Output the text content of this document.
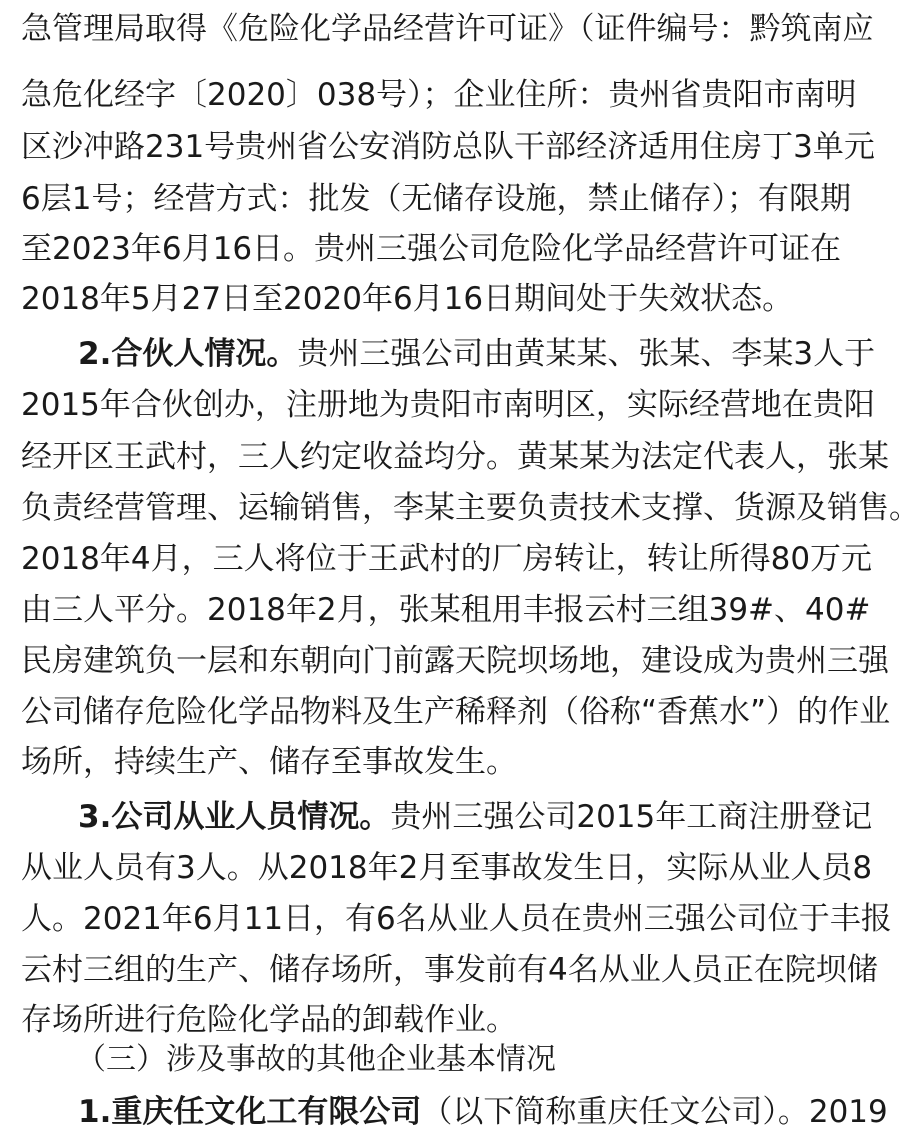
急管理局取得《危险化学品经营许可证》（证件编号：黔筑南应
急危化经字〔2020〕038号）；企业住所：贵州省贵阳市南明
区沙冲路231号贵州省公安消防总队干部经济适用住房丁3单元
6层1号；经营方式：批发（无储存设施，禁止储存）；有限期
至2023年6月16日。贵州三强公司危险化学品经营许可证在
2018年5月27日至2020年6月16日期间处于失效状态。
2.合伙人情况。贵州三强公司由黄某某、张某、李某3人于
2015年合伙创办，注册地为贵阳市南明区，实际经营地在贵阳
经开区王武村，三人约定收益均分。黄某某为法定代表人，张某
负责经营管理、运输销售，李某主要负责技术支撑、货源及销售。
2018年4月，三人将位于王武村的厂房转让，转让所得80万元
由三人平分。2018年2月，张某租用丰报云村三组39#、40#
民房建筑负一层和东朝向门前露天院坝场地，建设成为贵州三强
公司储存危险化学品物料及生产稀释剂（俗称“香蕉水”）的作业
场所，持续生产、储存至事故发生。
3.公司从业人员情况。贵州三强公司2015年工商注册登记
从业人员有3人。从2018年2月至事故发生日，实际从业人员8
人。2021年6月11日，有6名从业人员在贵州三强公司位于丰报
云村三组的生产、储存场所，事发前有4名从业人员正在院坝储
存场所进行危险化学品的卸载作业。
（三）涉及事故的其他企业基本情况
1.重庆任文化工有限公司（以下简称重庆任文公司）。2019
